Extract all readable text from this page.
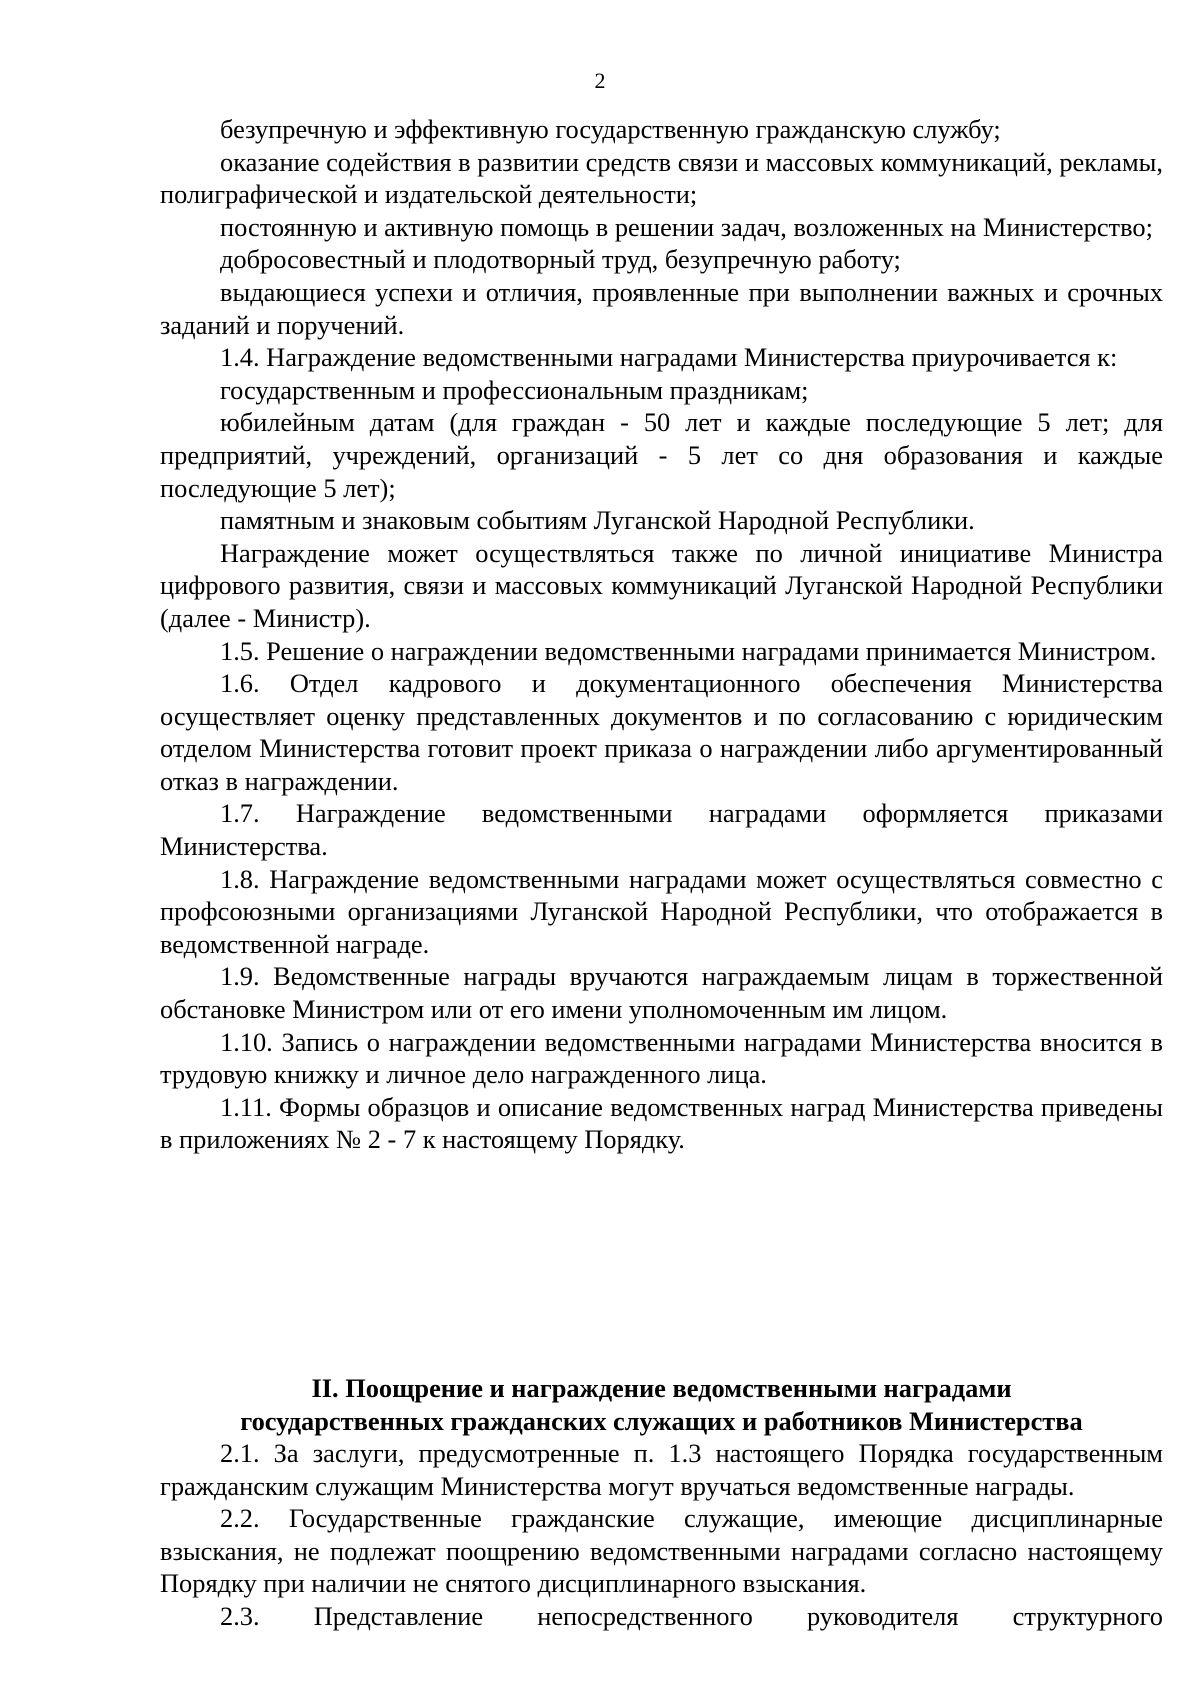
2

безупречную и эффективную государственную гражданскую службу;

оказание содействия в развитии средств связи и массовых коммуникаций, рекламы, полиграфической и издательской деятельности;

постоянную и активную помощь в решении задач, возложенных на Министерство;

добросовестный и плодотворный труд, безупречную работу;

выдающиеся успехи и отличия, проявленные при выполнении важных и срочных заданий и поручений.

1.4. Награждение ведомственными наградами Министерства приурочивается к:

государственным и профессиональным праздникам;

юбилейным датам (для граждан - 50 лет и каждые последующие 5 лет; для предприятий, учреждений, организаций - 5 лет со дня образования и каждые последующие 5 лет);

памятным и знаковым событиям Луганской Народной Республики.

Награждение может осуществляться также по личной инициативе Министра цифрового развития, связи и массовых коммуникаций Луганской Народной Республики (далее - Министр).

1.5. Решение о награждении ведомственными наградами принимается Министром.

1.6. Отдел кадрового и документационного обеспечения Министерства осуществляет оценку представленных документов и по согласованию с юридическим отделом Министерства готовит проект приказа о награждении либо аргументированный отказ в награждении.

1.7. Награждение ведомственными наградами оформляется приказами Министерства.

1.8. Награждение ведомственными наградами может осуществляться совместно с профсоюзными организациями Луганской Народной Республики, что отображается в ведомственной награде.

1.9. Ведомственные награды вручаются награждаемым лицам в торжественной обстановке Министром или от его имени уполномоченным им лицом.

1.10. Запись о награждении ведомственными наградами Министерства вносится в трудовую книжку и личное дело награжденного лица.

1.11. Формы образцов и описание ведомственных наград Министерства приведены в приложениях № 2 - 7 к настоящему Порядку.

II. Поощрение и награждение ведомственными наградами
государственных гражданских служащих и работников Министерства

2.1. За заслуги, предусмотренные п. 1.3 настоящего Порядка государственным гражданским служащим Министерства могут вручаться ведомственные награды.

2.2. Государственные гражданские служащие, имеющие дисциплинарные взыскания, не подлежат поощрению ведомственными наградами согласно настоящему Порядку при наличии не снятого дисциплинарного взыскания.

2.3. Представление непосредственного руководителя структурного
